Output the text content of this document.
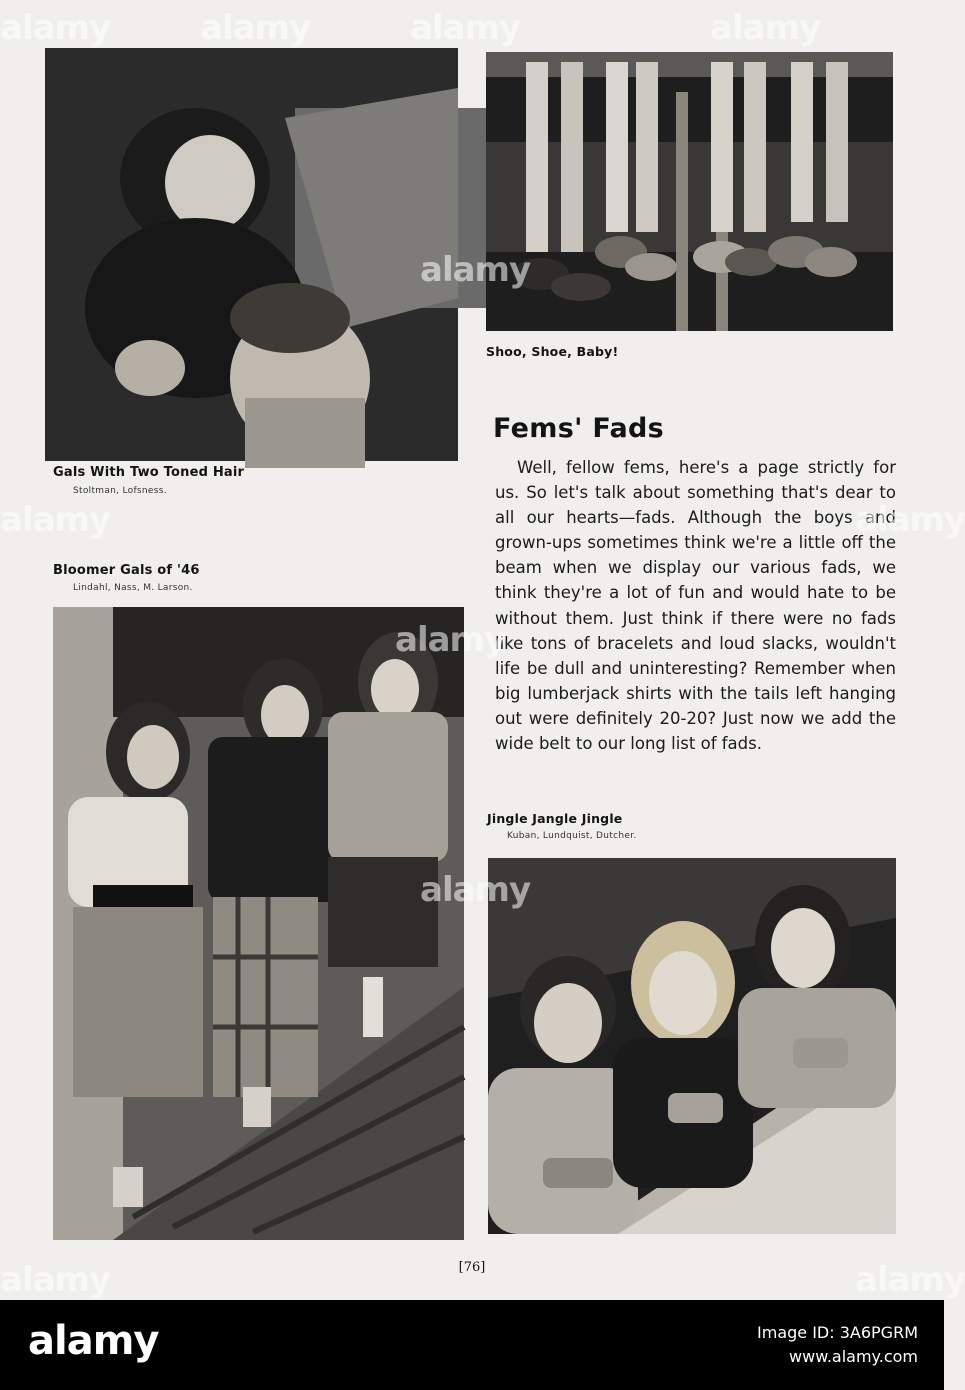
Gals With Two Toned Hair
Stoltman, Lofsness.
Shoo, Shoe, Baby!
Fems' Fads
Well, fellow fems, here's a page strictly for us. So let's talk about something that's dear to all our hearts—fads. Although the boys and grown-ups sometimes think we're a little off the beam when we display our various fads, we think they're a lot of fun and would hate to be without them. Just think if there were no fads like tons of bracelets and loud slacks, wouldn't life be dull and uninteresting? Remember when big lumberjack shirts with the tails left hanging out were definitely 20-20? Just now we add the wide belt to our long list of fads.
Bloomer Gals of '46
Lindahl, Nass, M. Larson.
Jingle Jangle Jingle
Kuban, Lundquist, Dutcher.
[76]
alamy	alamy	alamy	alamy
alamy
alamy
alamy
alamy
alamy
alamy	alamy
alamy	Image ID: 3A6PGRM
www.alamy.com
